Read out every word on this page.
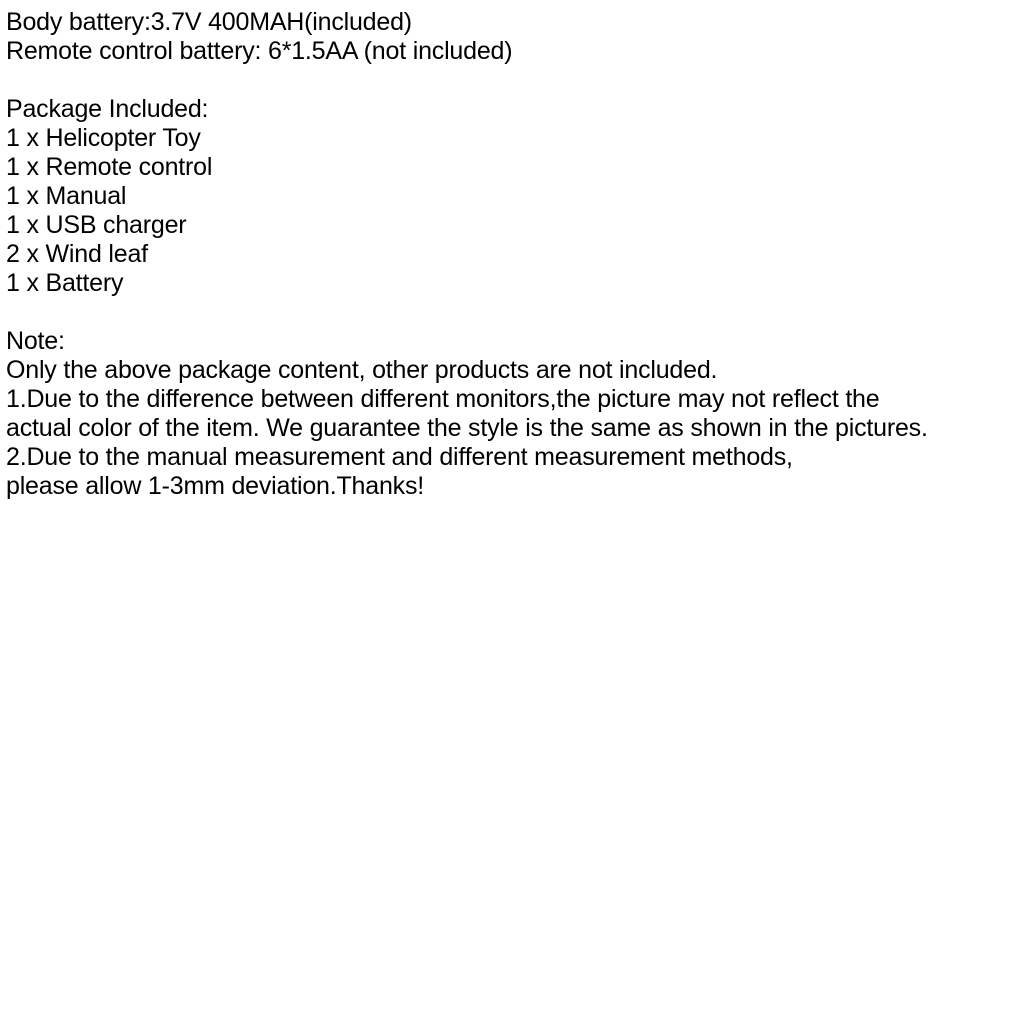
Body battery:3.7V 400MAH(included)
Remote control battery: 6*1.5AA (not included)
Package Included:
1 x Helicopter Toy
1 x Remote control
1 x Manual
1 x USB charger
2 x Wind leaf
1 x Battery
Note:
Only the above package content, other products are not included.
1.Due to the difference between different monitors,the picture may not reflect the
actual color of the item. We guarantee the style is the same as shown in the pictures.
2.Due to the manual measurement and different measurement methods,
please allow 1-3mm deviation.Thanks!
